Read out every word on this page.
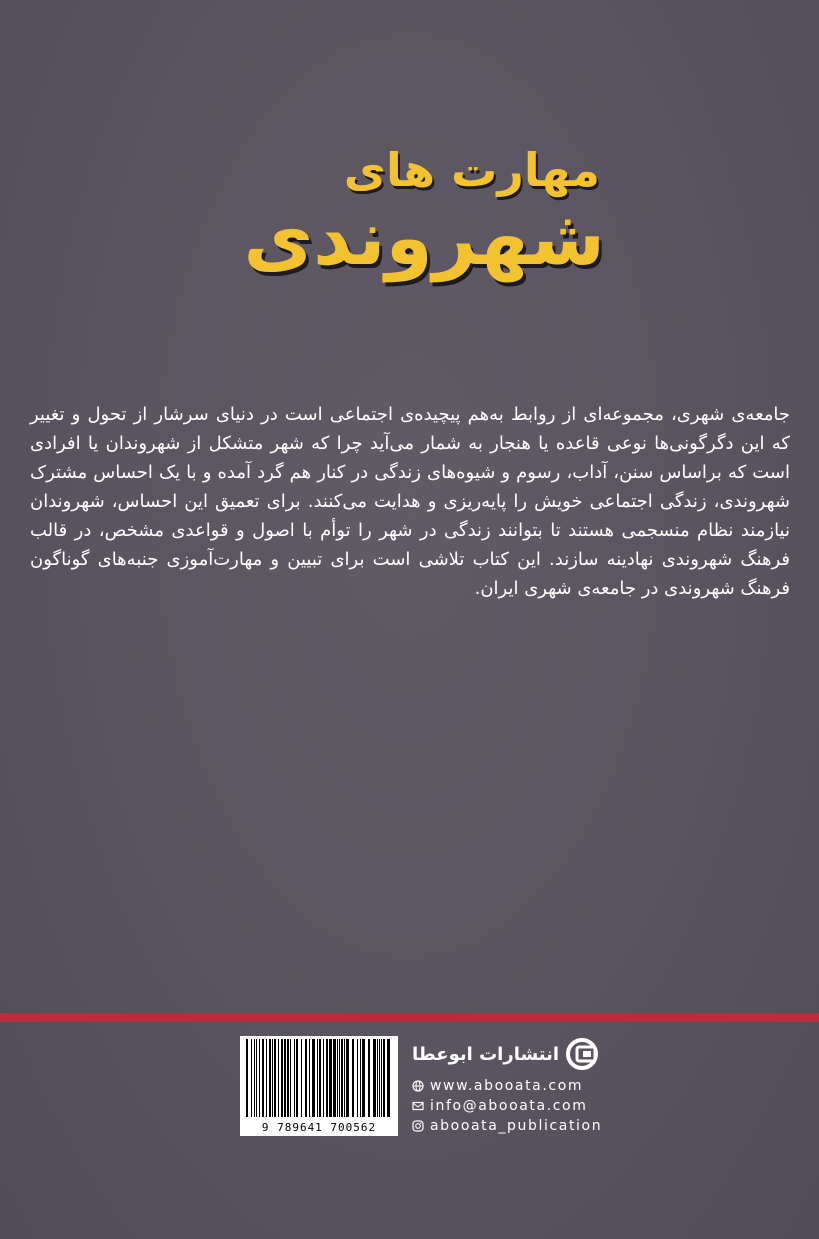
مهارت های
شهروندی

جامعه‌ی شهری، مجموعه‌ای از روابط به‌هم پیچیده‌ی اجتماعی است در دنیای سرشار از تحول و تغییر که این دگرگونی‌ها نوعی قاعده یا هنجار به شمار می‌آید چرا که شهر متشکل از شهروندان یا افرادی است که براساس سنن، آداب، رسوم و شیوه‌های زندگی در کنار هم گرد آمده و با یک احساس مشترک شهروندی، زندگی اجتماعی خویش را پایه‌ریزی و هدایت می‌کنند. برای تعمیق این احساس، شهروندان نیازمند نظام منسجمی هستند تا بتوانند زندگی در شهر را توأم با اصول و قواعدی مشخص، در قالب فرهنگ شهروندی نهادینه سازند. این کتاب تلاشی است برای تبیین و مهارت‌آموزی جنبه‌های گوناگون فرهنگ شهروندی در جامعه‌ی شهری ایران.

9 789641 700562
انتشارات ابوعطا
www.abooata.com
info@abooata.com
abooata_publication
